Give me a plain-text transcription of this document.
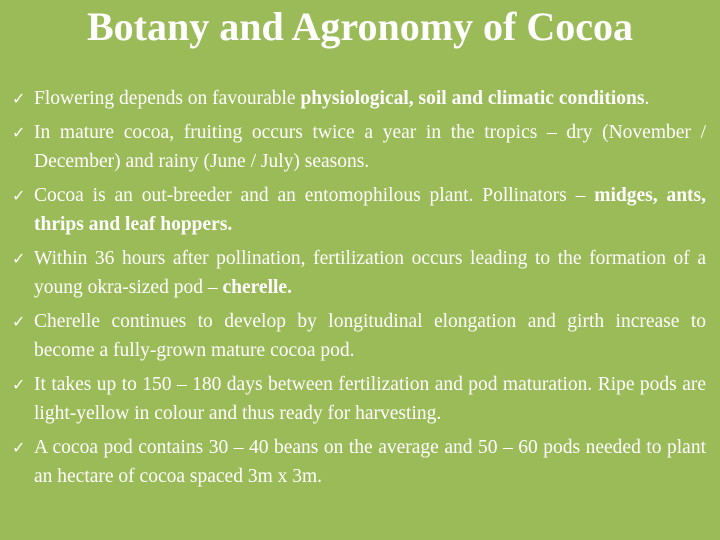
Botany and Agronomy of Cocoa
✓ Flowering depends on favourable physiological, soil and climatic conditions.
✓ In mature cocoa, fruiting occurs twice a year in the tropics – dry (November / December) and rainy (June / July) seasons.
✓ Cocoa is an out-breeder and an entomophilous plant. Pollinators – midges, ants, thrips and leaf hoppers.
✓ Within 36 hours after pollination, fertilization occurs leading to the formation of a young okra-sized pod – cherelle.
✓ Cherelle continues to develop by longitudinal elongation and girth increase to become a fully-grown mature cocoa pod.
✓ It takes up to 150 – 180 days between fertilization and pod maturation. Ripe pods are light-yellow in colour and thus ready for harvesting.
✓ A cocoa pod contains 30 – 40 beans on the average and 50 – 60 pods needed to plant an hectare of cocoa spaced 3m x 3m.
